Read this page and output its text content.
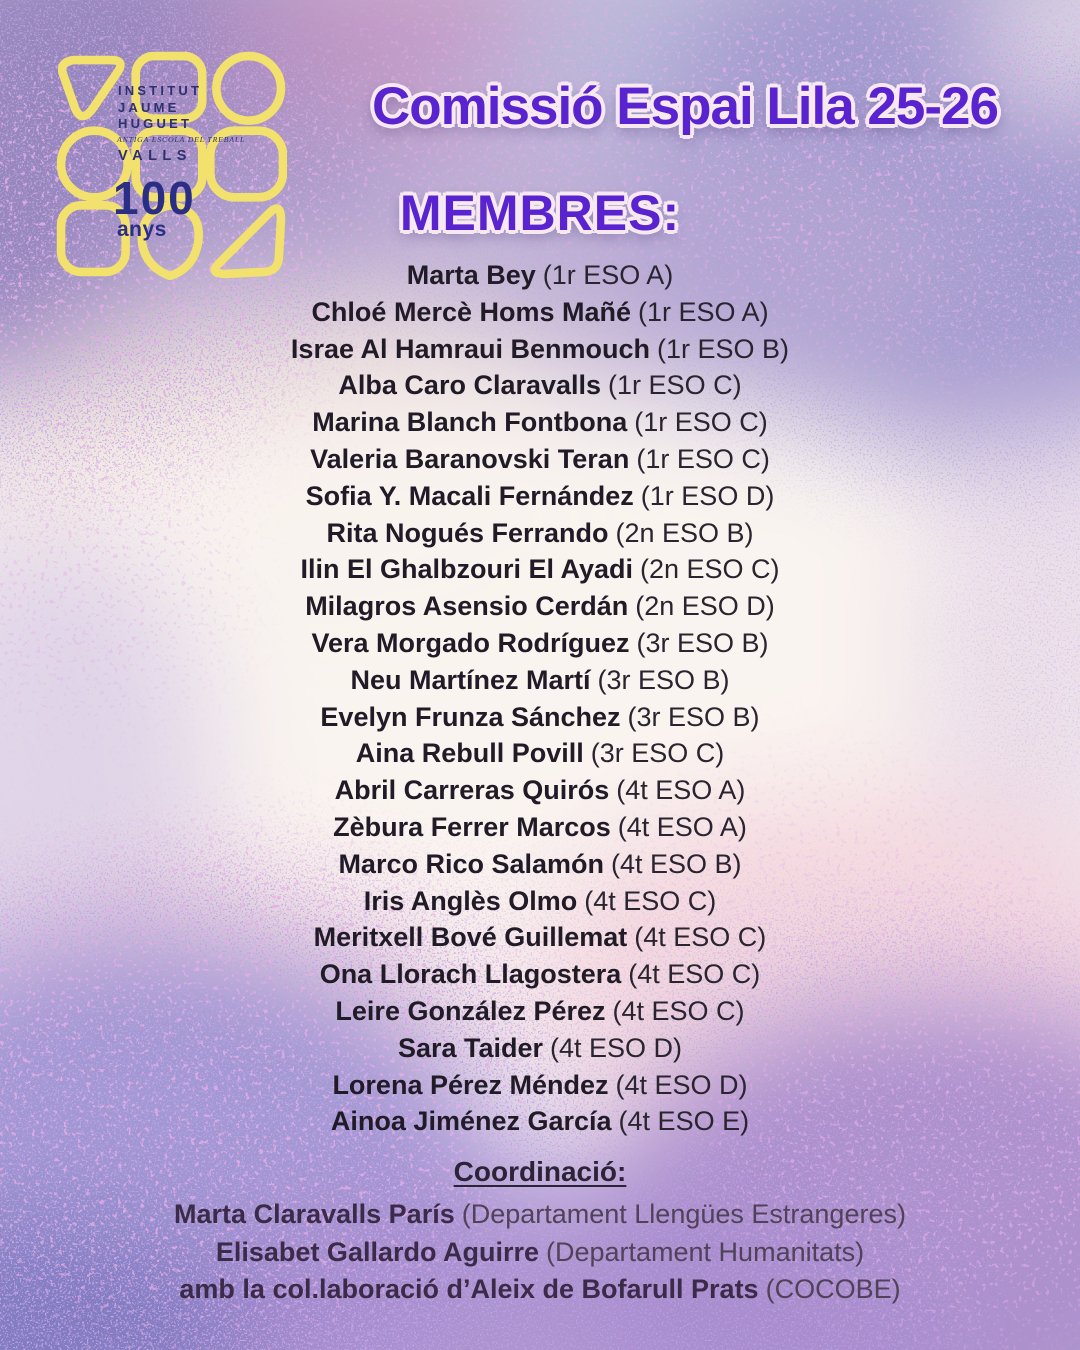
INSTITUT
JAUME
HUGUET
ANTIGA ESCOLA DEL TREBALL
VALLS
100
anys
Comissió Espai Lila 25-26
MEMBRES:
Marta Bey (1r ESO A)
Chloé Mercè Homs Mañé (1r ESO A)
Israe Al Hamraui Benmouch (1r ESO B)
Alba Caro Claravalls (1r ESO C)
Marina Blanch Fontbona (1r ESO C)
Valeria Baranovski Teran (1r ESO C)
Sofia Y. Macali Fernández (1r ESO D)
Rita Nogués Ferrando (2n ESO B)
Ilin El Ghalbzouri El Ayadi (2n ESO C)
Milagros Asensio Cerdán (2n ESO D)
Vera Morgado Rodríguez (3r ESO B)
Neu Martínez Martí (3r ESO B)
Evelyn Frunza Sánchez (3r ESO B)
Aina Rebull Povill (3r ESO C)
Abril Carreras Quirós (4t ESO A)
Zèbura Ferrer Marcos (4t ESO A)
Marco Rico Salamón (4t ESO B)
Iris Anglès Olmo (4t ESO C)
Meritxell Bové Guillemat (4t ESO C)
Ona Llorach Llagostera (4t ESO C)
Leire González Pérez (4t ESO C)
Sara Taider (4t ESO D)
Lorena Pérez Méndez (4t ESO D)
Ainoa Jiménez García (4t ESO E)
Coordinació:
Marta Claravalls París (Departament Llengües Estrangeres)
Elisabet Gallardo Aguirre (Departament Humanitats)
amb la col.laboració d’Aleix de Bofarull Prats (COCOBE)
